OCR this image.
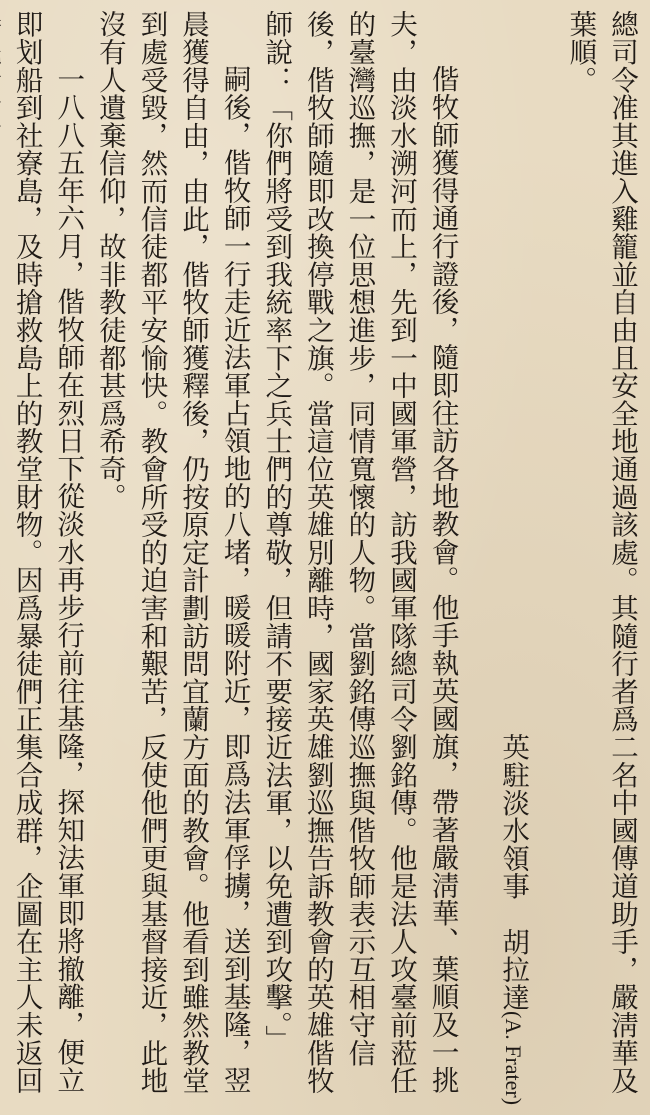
總司令准其進入雞籠並自由且安全地通過該處。其隨行者爲二名中國傳道助手，嚴淸華及葉順。

英駐淡水領事　胡拉達(A. Frater)

偕牧師獲得通行證後，隨即往訪各地教會。他手執英國旗，帶著嚴淸華、葉順及一挑夫，由淡水溯河而上，先到一中國軍營，訪我國軍隊總司令劉銘傳。他是法人攻臺前蒞任的臺灣巡撫，是一位思想進步，同情寬懷的人物。當劉銘傳巡撫與偕牧師表示互相守信後，偕牧師隨即改換停戰之旗。當這位英雄別離時，國家英雄劉巡撫告訴教會的英雄偕牧師說：「你們將受到我統率下之兵士們的尊敬，但請不要接近法軍，以免遭到攻擊。」

嗣後，偕牧師一行走近法軍占領地的八堵，暖暖附近，即爲法軍俘擄，送到基隆，翌晨獲得自由，由此，偕牧師獲釋後，仍按原定計劃訪問宜蘭方面的教會。他看到雖然教堂到處受毀，然而信徒都平安愉快。教會所受的迫害和艱苦，反使他們更與基督接近，此地沒有人遺棄信仰，故非教徒都甚爲希奇。

一八八五年六月，偕牧師在烈日下從淡水再步行前往基隆，探知法軍即將撤離，便立即划船到社寮島，及時搶救島上的教堂財物。因爲暴徒們正集合成群，企圖在主人未返回
